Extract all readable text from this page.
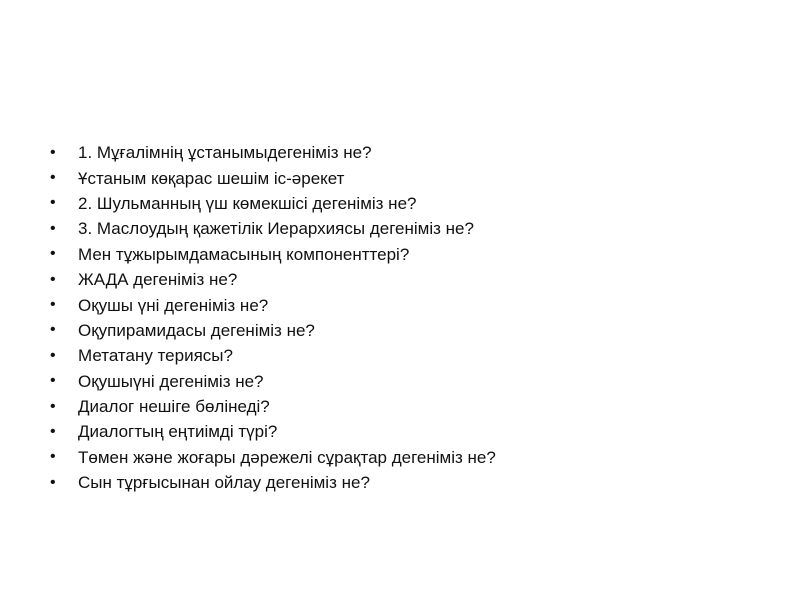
•	1. Мұғалімнің ұстанымыдегеніміз не?
•	Ұстаным көқарас шешім іс-әрекет
•	2. Шульманның үш көмекшісі дегеніміз не?
•	3. Маслоудың қажетілік Иерархиясы дегеніміз не?
•	Мен тұжырымдамасының компоненттері?
•	ЖАДА дегеніміз не?
•	Оқушы үні дегеніміз не?
•	Оқупирамидасы дегеніміз не?
•	Метатану териясы?
•	Оқушыүні дегеніміз не?
•	Диалог нешіге бөлінеді?
•	Диалогтың еңтиімді түрі?
•	Төмен және жоғары дәрежелі сұрақтар дегеніміз не?
•	Сын тұрғысынан ойлау дегеніміз не?
